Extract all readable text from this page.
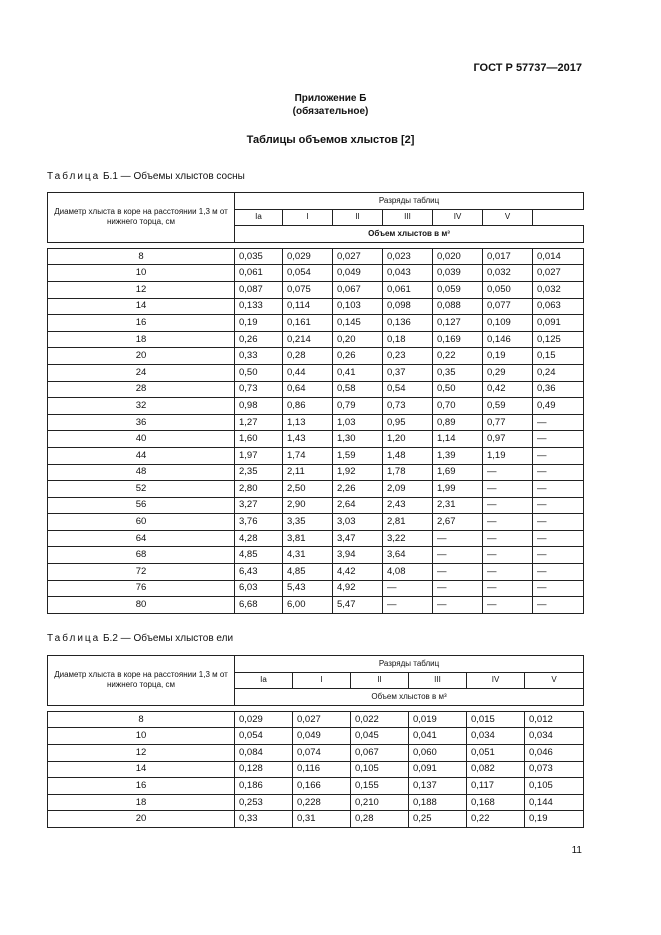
ГОСТ Р 57737—2017
Приложение Б
(обязательное)
Таблицы объемов хлыстов [2]
Таблица Б.1 — Объемы хлыстов сосны
Диаметр хлыста в коре на расстоянии 1,3 м от нижнего торца, см	Разряды таблиц						
	Ia	I	II	III	IV	V	
	Объем хлыстов в м³						

8	0,035	0,029	0,027	0,023	0,020	0,017	0,014
10	0,061	0,054	0,049	0,043	0,039	0,032	0,027
12	0,087	0,075	0,067	0,061	0,059	0,050	0,032
14	0,133	0,114	0,103	0,098	0,088	0,077	0,063
16	0,19	0,161	0,145	0,136	0,127	0,109	0,091
18	0,26	0,214	0,20	0,18	0,169	0,146	0,125
20	0,33	0,28	0,26	0,23	0,22	0,19	0,15
24	0,50	0,44	0,41	0,37	0,35	0,29	0,24
28	0,73	0,64	0,58	0,54	0,50	0,42	0,36
32	0,98	0,86	0,79	0,73	0,70	0,59	0,49
36	1,27	1,13	1,03	0,95	0,89	0,77	—
40	1,60	1,43	1,30	1,20	1,14	0,97	—
44	1,97	1,74	1,59	1,48	1,39	1,19	—
48	2,35	2,11	1,92	1,78	1,69	—	—
52	2,80	2,50	2,26	2,09	1,99	—	—
56	3,27	2,90	2,64	2,43	2,31	—	—
60	3,76	3,35	3,03	2,81	2,67	—	—
64	4,28	3,81	3,47	3,22	—	—	—
68	4,85	4,31	3,94	3,64	—	—	—
72	6,43	4,85	4,42	4,08	—	—	—
76	6,03	5,43	4,92	—	—	—	—
80	6,68	6,00	5,47	—	—	—	—
Таблица Б.2 — Объемы хлыстов ели
Диаметр хлыста в коре на расстоянии 1,3 м от нижнего торца, см	Разряды таблиц					
	Ia	I	II	III	IV	V
	Объем хлыстов в м³					

8	0,029	0,027	0,022	0,019	0,015	0,012
10	0,054	0,049	0,045	0,041	0,034	0,034
12	0,084	0,074	0,067	0,060	0,051	0,046
14	0,128	0,116	0,105	0,091	0,082	0,073
16	0,186	0,166	0,155	0,137	0,117	0,105
18	0,253	0,228	0,210	0,188	0,168	0,144
20	0,33	0,31	0,28	0,25	0,22	0,19
11
